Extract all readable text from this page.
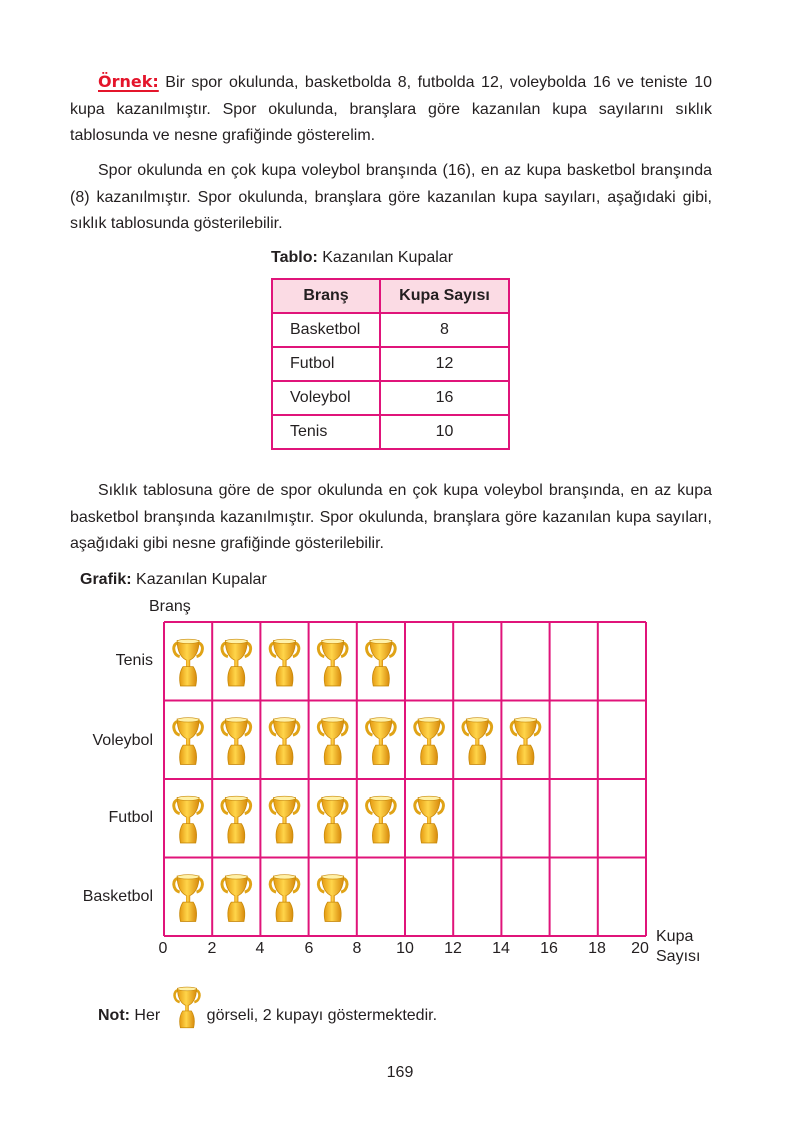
Örnek: Bir spor okulunda, basketbolda 8, futbolda 12, voleybolda 16 ve teniste 10 kupa kazanılmıştır. Spor okulunda, branşlara göre kazanılan kupa sayılarını sıklık tablosunda ve nesne grafiğinde gösterelim.

Spor okulunda en çok kupa voleybol branşında (16), en az kupa basketbol branşında (8) kazanılmıştır. Spor okulunda, branşlara göre kazanılan kupa sayıları, aşağıdaki gibi, sıklık tablosunda gösterilebilir.

Tablo: Kazanılan Kupalar
Branş	Kupa Sayısı
Basketbol	8
Futbol	12
Voleybol	16
Tenis	10

Sıklık tablosuna göre de spor okulunda en çok kupa voleybol branşında, en az kupa basketbol branşında kazanılmıştır. Spor okulunda, branşlara göre kazanılan kupa sayıları, aşağıdaki gibi nesne grafiğinde gösterilebilir.

Grafik: Kazanılan Kupalar
Branş
Tenis
Voleybol
Futbol
Basketbol
0	2	4	6	8	10	12	14	16	18	20
Kupa
Sayısı
Not: Her	görseli, 2 kupayı göstermektedir.
169
